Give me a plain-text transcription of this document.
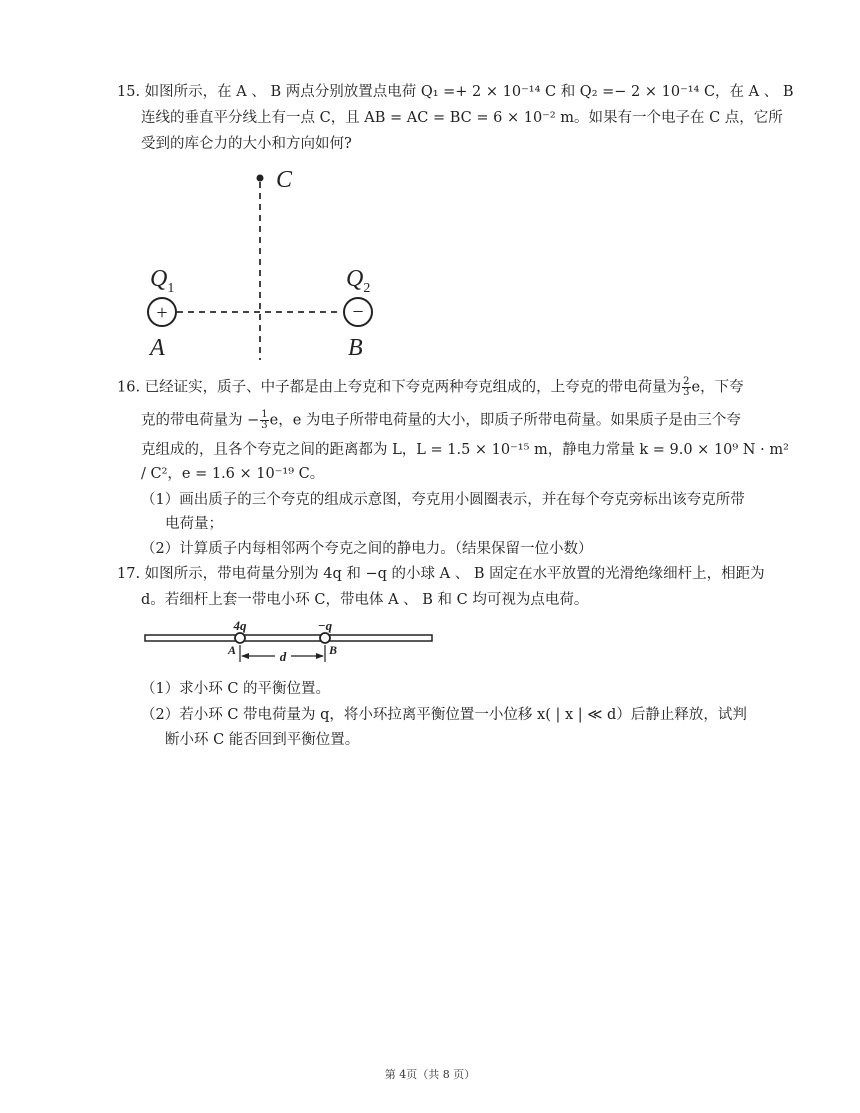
15. 如图所示，在 A 、 B 两点分别放置点电荷 Q₁ =+ 2 × 10⁻¹⁴ C 和 Q₂ =− 2 × 10⁻¹⁴ C，在 A 、 B
连线的垂直平分线上有一点 C，且 AB = AC = BC = 6 × 10⁻² m。如果有一个电子在 C 点，它所
受到的库仑力的大小和方向如何?
C
$Q_1$
+
A
$Q_2$
−
B
16. 已经证实，质子、中子都是由上夸克和下夸克两种夸克组成的，上夸克的带电荷量为 $\frac{2}{3}$ e，下夸
克的带电荷量为 − $\frac{1}{3}$ e，e 为电子所带电荷量的大小，即质子所带电荷量。如果质子是由三个夸
克组成的，且各个夸克之间的距离都为 L，L = 1.5 × 10⁻¹⁵ m，静电力常量 k = 9.0 × 10⁹ N · m²
/ C²，e = 1.6 × 10⁻¹⁹ C。
（1）画出质子的三个夸克的组成示意图，夸克用小圆圈表示，并在每个夸克旁标出该夸克所带
电荷量；
（2）计算质子内每相邻两个夸克之间的静电力。（结果保留一位小数）
17. 如图所示，带电荷量分别为 4q 和 −q 的小球 A 、 B 固定在水平放置的光滑绝缘细杆上，相距为
d。若细杆上套一带电小环 C，带电体 A 、 B 和 C 均可视为点电荷。
4q	−q
d
A	B
（1）求小环 C 的平衡位置。
（2）若小环 C 带电荷量为 q，将小环拉离平衡位置一小位移 x( | x | ≪ d）后静止释放，试判
断小环 C 能否回到平衡位置。
第 4页（共 8 页）
